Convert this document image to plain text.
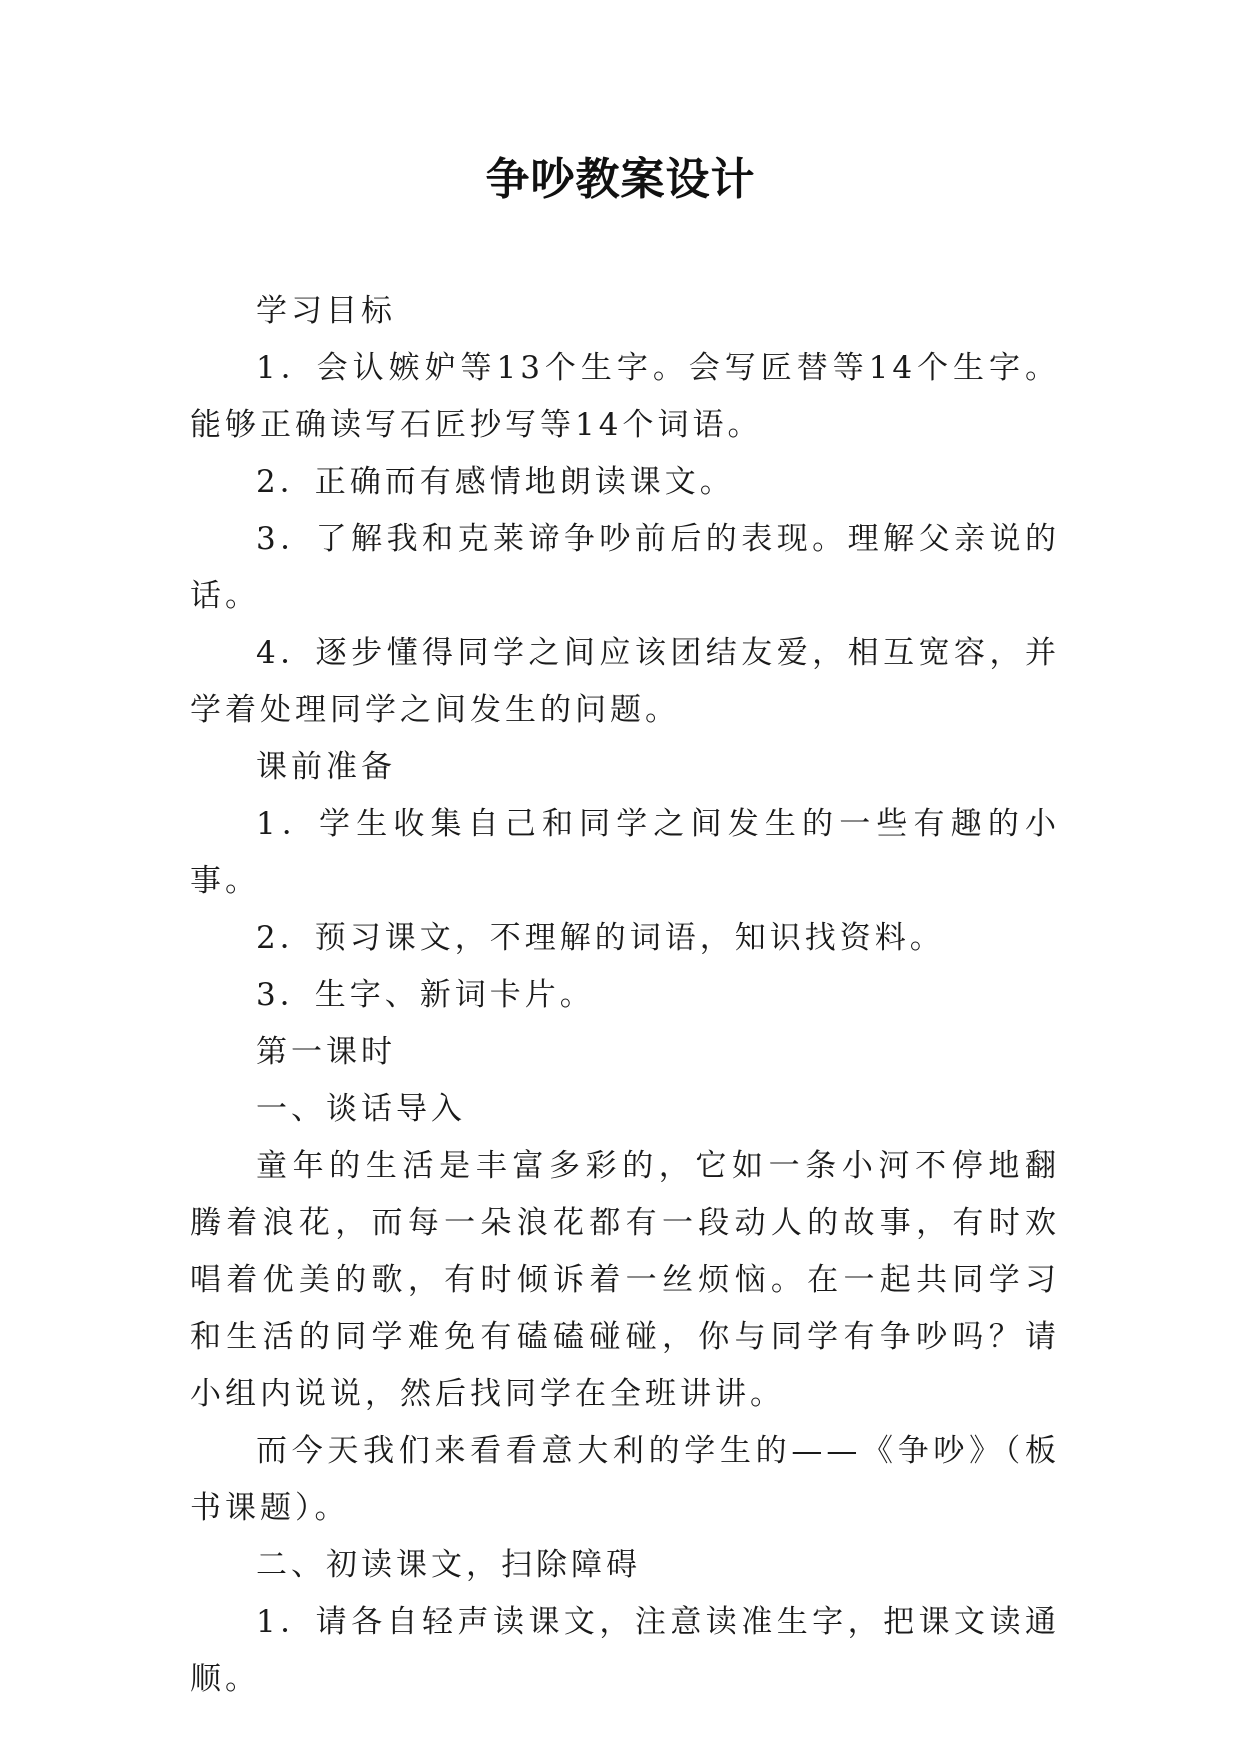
争吵教案设计

学习目标

1．会认嫉妒等13个生字。会写匠替等14个生字。能够正确读写石匠抄写等14个词语。

2．正确而有感情地朗读课文。

3．了解我和克莱谛争吵前后的表现。理解父亲说的话。

4．逐步懂得同学之间应该团结友爱，相互宽容，并学着处理同学之间发生的问题。

课前准备

1．学生收集自己和同学之间发生的一些有趣的小事。

2．预习课文，不理解的词语，知识找资料。

3．生字、新词卡片。

第一课时

一、谈话导入

童年的生活是丰富多彩的，它如一条小河不停地翻腾着浪花，而每一朵浪花都有一段动人的故事，有时欢唱着优美的歌，有时倾诉着一丝烦恼。在一起共同学习和生活的同学难免有磕磕碰碰，你与同学有争吵吗？请小组内说说，然后找同学在全班讲讲。

而今天我们来看看意大利的学生的——《争吵》（板书课题）。

二、初读课文，扫除障碍

1．请各自轻声读课文，注意读准生字，把课文读通顺。
